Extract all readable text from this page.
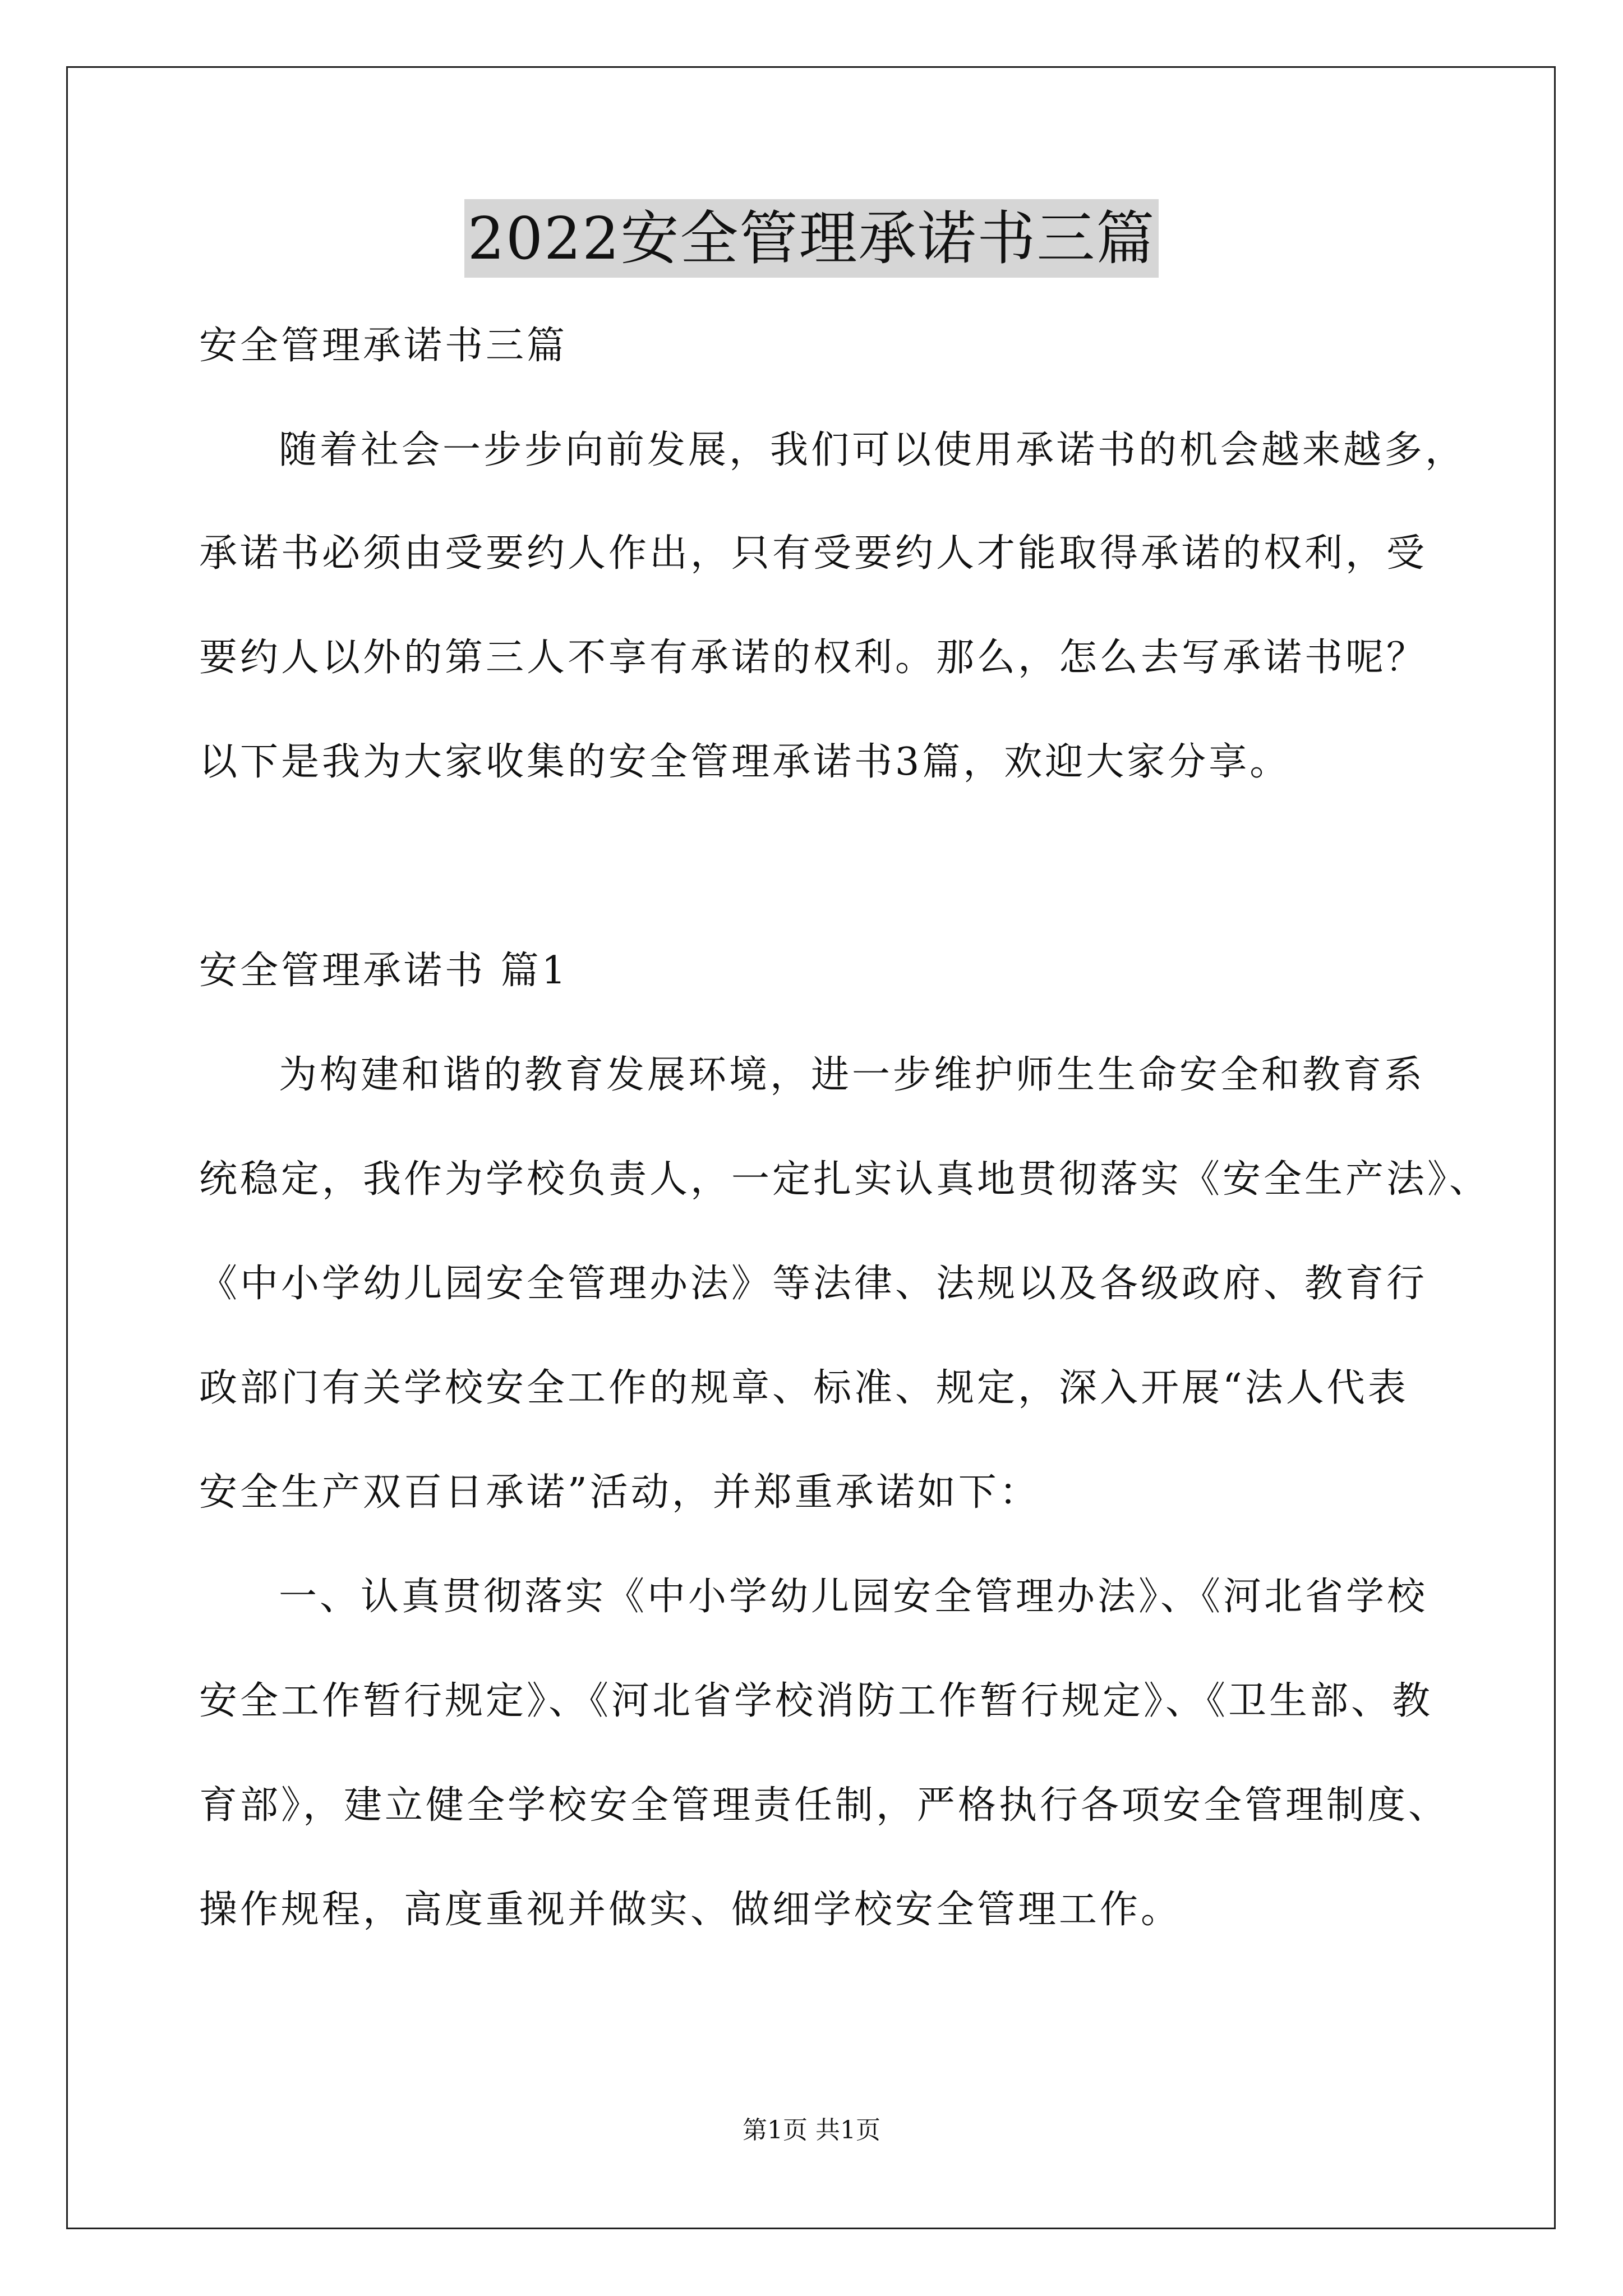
2022安全管理承诺书三篇
安全管理承诺书三篇
随着社会一步步向前发展，我们可以使用承诺书的机会越来越多，
承诺书必须由受要约人作出，只有受要约人才能取得承诺的权利，受
要约人以外的第三人不享有承诺的权利。那么，怎么去写承诺书呢？
以下是我为大家收集的安全管理承诺书3篇，欢迎大家分享。
安全管理承诺书 篇1
为构建和谐的教育发展环境，进一步维护师生生命安全和教育系
统稳定，我作为学校负责人，一定扎实认真地贯彻落实《安全生产法》、
《中小学幼儿园安全管理办法》等法律、法规以及各级政府、教育行
政部门有关学校安全工作的规章、标准、规定，深入开展“法人代表
安全生产双百日承诺”活动，并郑重承诺如下：
一、认真贯彻落实《中小学幼儿园安全管理办法》、《河北省学校
安全工作暂行规定》、《河北省学校消防工作暂行规定》、《卫生部、教
育部》，建立健全学校安全管理责任制，严格执行各项安全管理制度、
操作规程，高度重视并做实、做细学校安全管理工作。
第1页 共1页
